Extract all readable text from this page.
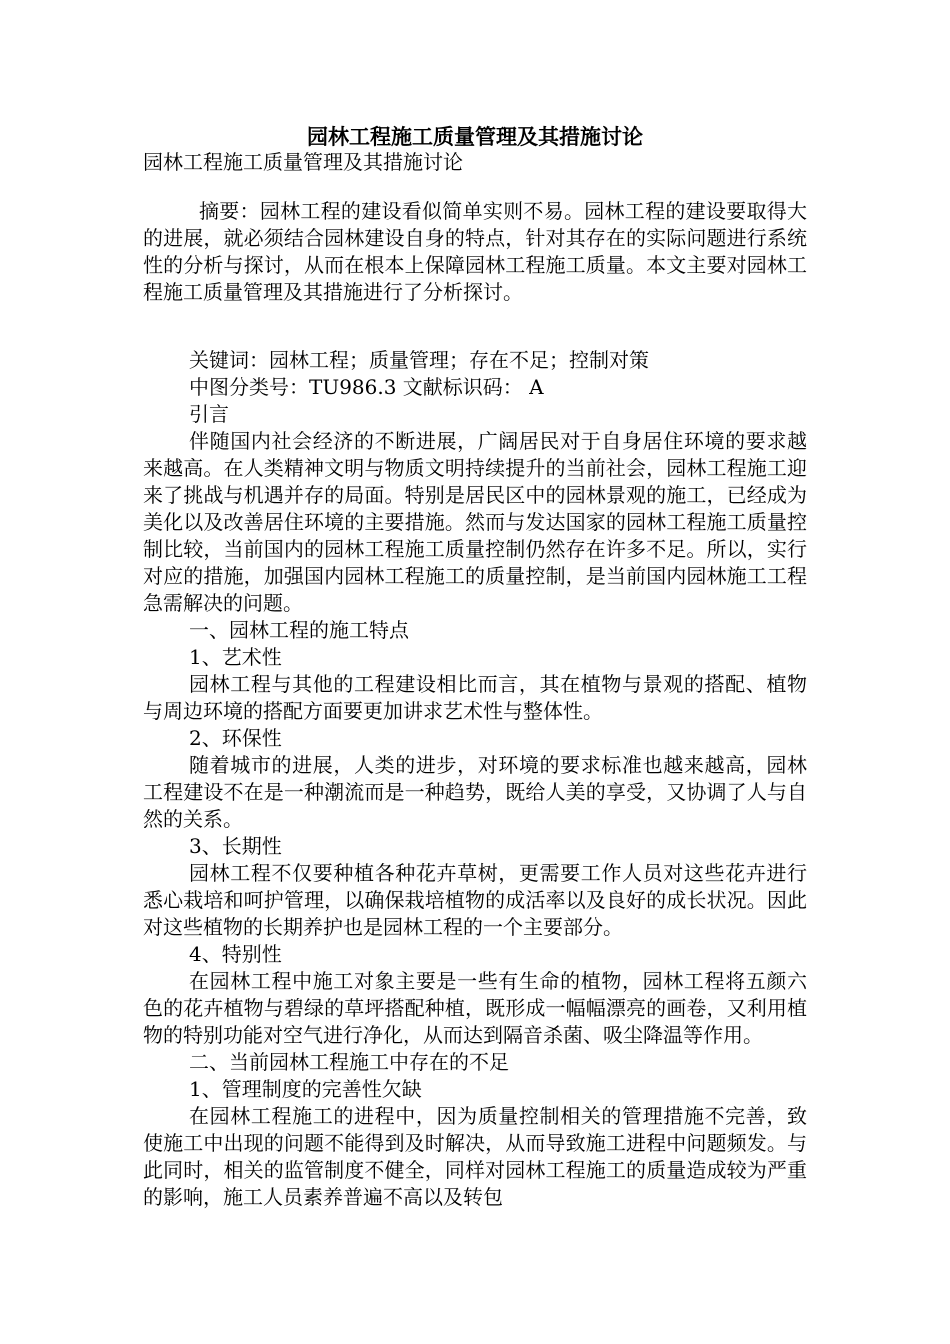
园林工程施工质量管理及其措施讨论
园林工程施工质量管理及其措施讨论

摘要：园林工程的建设看似简单实则不易。园林工程的建设要取得大的进展，就必须结合园林建设自身的特点，针对其存在的实际问题进行系统性的分析与探讨，从而在根本上保障园林工程施工质量。本文主要对园林工程施工质量管理及其措施进行了分析探讨。

关键词：园林工程；质量管理；存在不足；控制对策

中图分类号：TU986.3 文献标识码： A

引言

伴随国内社会经济的不断进展，广阔居民对于自身居住环境的要求越来越高。在人类精神文明与物质文明持续提升的当前社会，园林工程施工迎来了挑战与机遇并存的局面。特别是居民区中的园林景观的施工，已经成为美化以及改善居住环境的主要措施。然而与发达国家的园林工程施工质量控制比较，当前国内的园林工程施工质量控制仍然存在许多不足。所以，实行对应的措施，加强国内园林工程施工的质量控制，是当前国内园林施工工程急需解决的问题。

一、园林工程的施工特点

1、艺术性

园林工程与其他的工程建设相比而言，其在植物与景观的搭配、植物与周边环境的搭配方面要更加讲求艺术性与整体性。

2、环保性

随着城市的进展，人类的进步，对环境的要求标准也越来越高，园林工程建设不在是一种潮流而是一种趋势，既给人美的享受，又协调了人与自然的关系。

3、长期性

园林工程不仅要种植各种花卉草树，更需要工作人员对这些花卉进行悉心栽培和呵护管理，以确保栽培植物的成活率以及良好的成长状况。因此对这些植物的长期养护也是园林工程的一个主要部分。

4、特别性

在园林工程中施工对象主要是一些有生命的植物，园林工程将五颜六色的花卉植物与碧绿的草坪搭配种植，既形成一幅幅漂亮的画卷，又利用植物的特别功能对空气进行净化，从而达到隔音杀菌、吸尘降温等作用。

二、当前园林工程施工中存在的不足

1、管理制度的完善性欠缺

在园林工程施工的进程中，因为质量控制相关的管理措施不完善，致使施工中出现的问题不能得到及时解决，从而导致施工进程中问题频发。与此同时，相关的监管制度不健全，同样对园林工程施工的质量造成较为严重的影响，施工人员素养普遍不高以及转包
